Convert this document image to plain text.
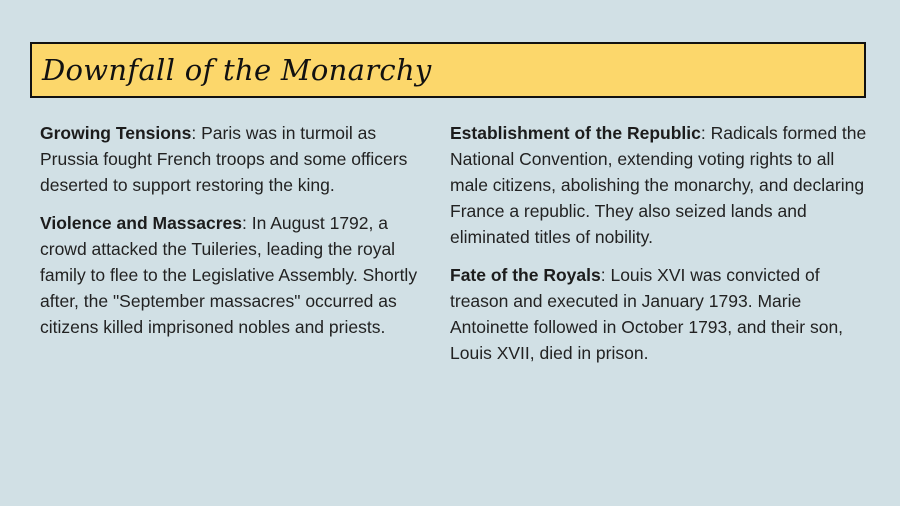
Downfall of the Monarchy

Growing Tensions: Paris was in turmoil as Prussia fought French troops and some officers deserted to support restoring the king.

Violence and Massacres: In August 1792, a crowd attacked the Tuileries, leading the royal family to flee to the Legislative Assembly. Shortly after, the "September massacres" occurred as citizens killed imprisoned nobles and priests.

Establishment of the Republic: Radicals formed the National Convention, extending voting rights to all male citizens, abolishing the monarchy, and declaring France a republic. They also seized lands and eliminated titles of nobility.

Fate of the Royals: Louis XVI was convicted of treason and executed in January 1793. Marie Antoinette followed in October 1793, and their son, Louis XVII, died in prison.
